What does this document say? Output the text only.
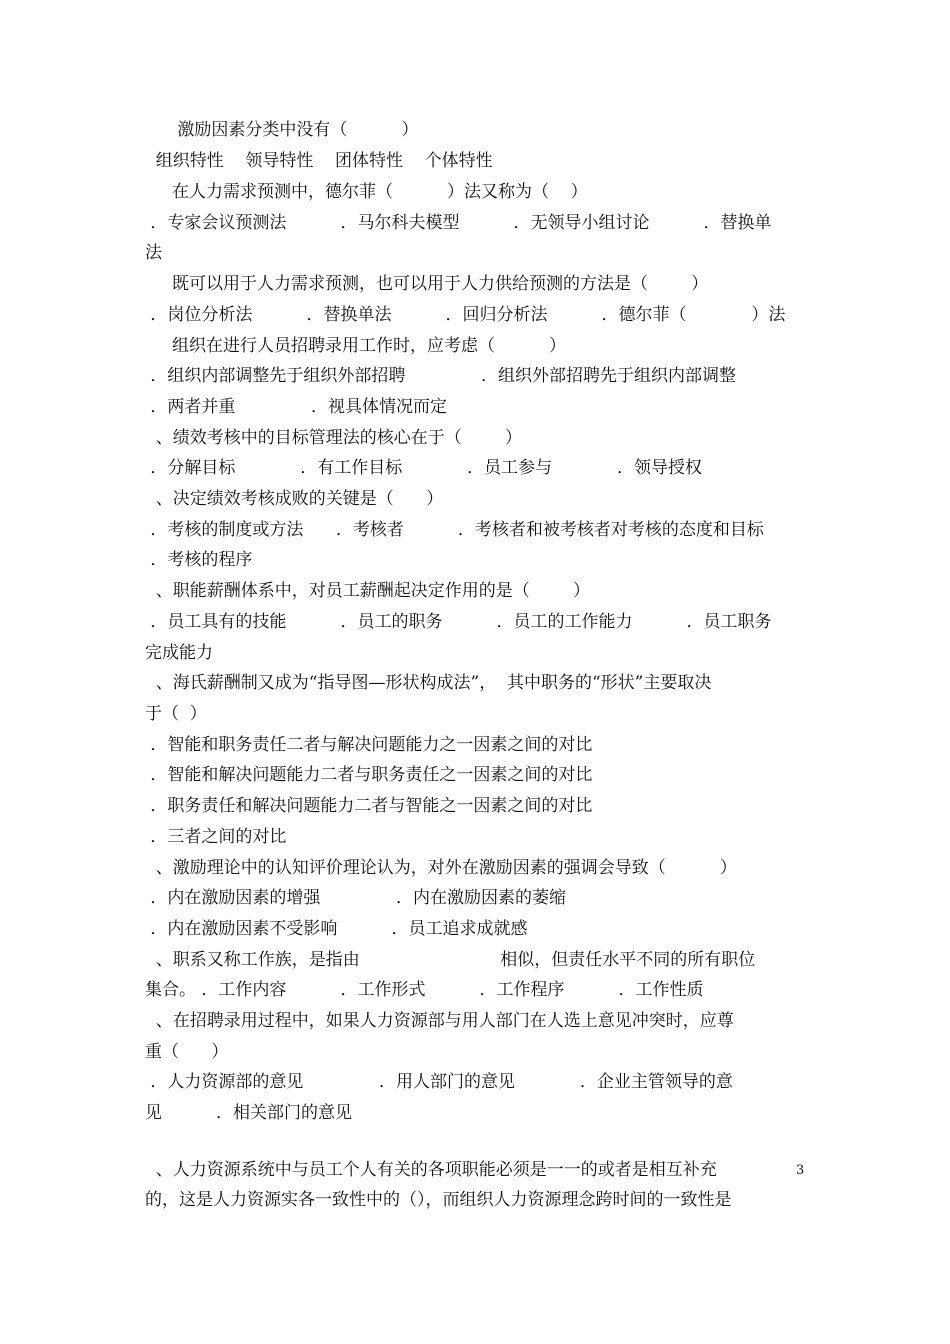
激励因素分类中没有（          ）
组织特性    领导特性    团体特性    个体特性
在人力需求预测中，德尔菲（          ）法又称为（    ）
．专家会议预测法          ．马尔科夫模型          ．无领导小组讨论          ．替换单
法
既可以用于人力需求预测，也可以用于人力供给预测的方法是（        ）
．岗位分析法          ．替换单法          ．回归分析法          ．德尔菲（            ）法
组织在进行人员招聘录用工作时，应考虑（          ）
．组织内部调整先于组织外部招聘              ．组织外部招聘先于组织内部调整
．两者并重              ．视具体情况而定
、绩效考核中的目标管理法的核心在于（        ）
．分解目标            ．有工作目标            ．员工参与            ．领导授权
、决定绩效考核成败的关键是（      ）
．考核的制度或方法      ．考核者          ．考核者和被考核者对考核的态度和目标
．考核的程序
、职能薪酬体系中，对员工薪酬起决定作用的是（        ）
．员工具有的技能          ．员工的职务          ．员工的工作能力          ．员工职务
完成能力
、海氏薪酬制又成为“指导图—形状构成法”，  其中职务的“形状”主要取决
于（  ）
．智能和职务责任二者与解决问题能力之一因素之间的对比
．智能和解决问题能力二者与职务责任之一因素之间的对比
．职务责任和解决问题能力二者与智能之一因素之间的对比
．三者之间的对比
、激励理论中的认知评价理论认为，对外在激励因素的强调会导致（          ）
．内在激励因素的增强              ．内在激励因素的萎缩
．内在激励因素不受影响          ．员工追求成就感
、职系又称工作族，是指由                          相似，但责任水平不同的所有职位
集合。 ．工作内容          ．工作形式          ．工作程序          ．工作性质
、在招聘录用过程中，如果人力资源部与用人部门在人选上意见冲突时，应尊
重（      ）
．人力资源部的意见              ．用人部门的意见            ．企业主管领导的意
见          ．相关部门的意见
、人力资源系统中与员工个人有关的各项职能必须是一一的或者是相互补充
的，这是人力资源实各一致性中的（），而组织人力资源理念跨时间的一致性是
3
